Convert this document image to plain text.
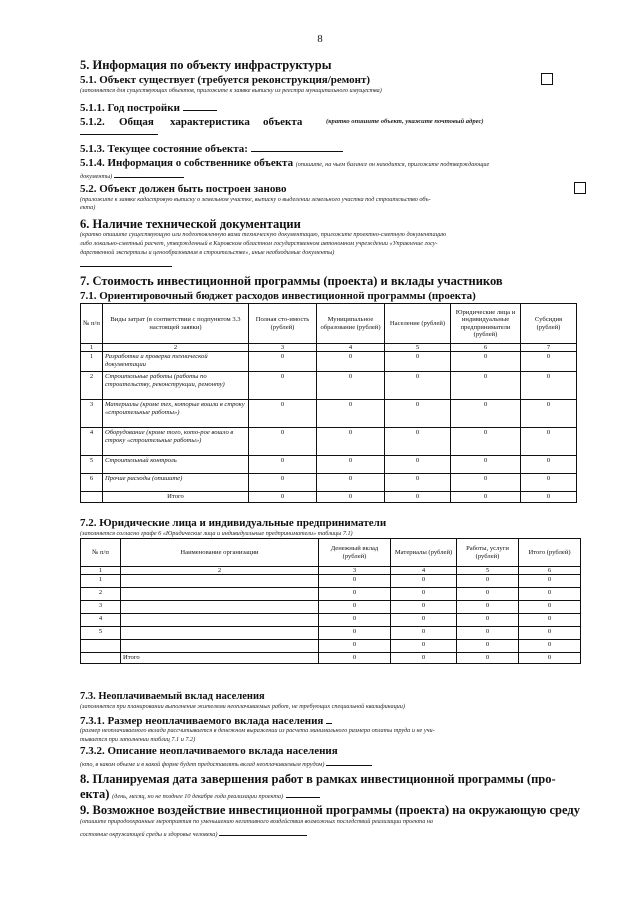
8
5. Информация по объекту инфраструктуры
5.1. Объект существует (требуется реконструкция/ремонт)
(заполняется для существующих объектов, приложите к заявке выписку из реестра муниципального имущества)
5.1.1. Год постройки
5.1.2. Общая характеристика объекта	(кратко опишите объект, укажите почтовый адрес)
5.1.3. Текущее состояние объекта:
5.1.4. Информация о собственнике объекта (опишите, на чьем балансе он находится, приложите подтверждающие
документы)
5.2. Объект должен быть построен заново
(приложите к заявке кадастровую выписку о земельном участке, выписку о выделении земельного участка под строительство объ-
екта)
6. Наличие технической документации
(кратко опишите существующую или подготовленную вами техническую документацию, приложите проектно-сметную документацию
либо локально-сметный расчет, утвержденный в Кировском областном государственном автономном учреждении «Управление госу-
дарственной экспертизы и ценообразования в строительстве», иные необходимые документы)
7. Стоимость инвестиционной программы (проекта) и вклады участников
7.1. Ориентировочный бюджет расходов инвестиционной программы (проекта)
№ п/п	Виды затрат (в соответствии с подпунктом 3.3 настоящей заявки)	Полная сто-имость (рублей)	Муниципальное образование (рублей)	Население (рублей)	Юридические лица и индивидуальные предприниматели (рублей)	Субсидия (рублей)
1	2	3	4	5	6	7
1	Разработка и проверка технической документации	0	0	0	0	0
2	Строительные работы (работы по строительству, реконструкции, ремонту)	0	0	0	0	0
3	Материалы (кроме тех, которые вошли в строку «строительные работы»)	0	0	0	0	0
4	Оборудование (кроме того, кото-рое вошло в строку «строительные работы»)	0	0	0	0	0
5	Строительный контроль	0	0	0	0	0
6	Прочие расходы (опишите)	0	0	0	0	0
	Итого	0	0	0	0	0
7.2. Юридические лица и индивидуальные предприниматели
(заполняется согласно графе 6 «Юридические лица и индивидуальные предприниматели» таблицы 7.1)
№ п/п	Наименование организации	Денежный вклад (рублей)	Материалы (рублей)	Работы, услуги (рублей)	Итого (рублей)
1	2	3	4	5	6
1		0	0	0	0
2		0	0	0	0
3		0	0	0	0
4		0	0	0	0
5		0	0	0	0
		0	0	0	0
	Итого	0	0	0	0
7.3. Неоплачиваемый вклад населения
(заполняется при планировании выполнения жителями неоплачиваемых работ, не требующих специальной квалификации)
7.3.1. Размер неоплачиваемого вклада населения
(размер неоплачиваемого вклада рассчитывается в денежном выражении из расчета минимального размера оплаты труда и не учи-
тывается при заполнении таблиц 7.1 и 7.2)
7.3.2. Описание неоплачиваемого вклада населения
(кто, в каком объеме и в какой форме будет предоставлять вклад неоплачиваемым трудом)
8. Планируемая дата завершения работ в рамках инвестиционной программы (про-
екта) (день, месяц, но не позднее 10 декабря года реализации проекта)
9. Возможное воздействие инвестиционной программы (проекта) на окружающую среду
(опишите природоохранные мероприятия по уменьшению негативного воздействия возможных последствий реализации проекта на
состояние окружающей среды и здоровье человека)
